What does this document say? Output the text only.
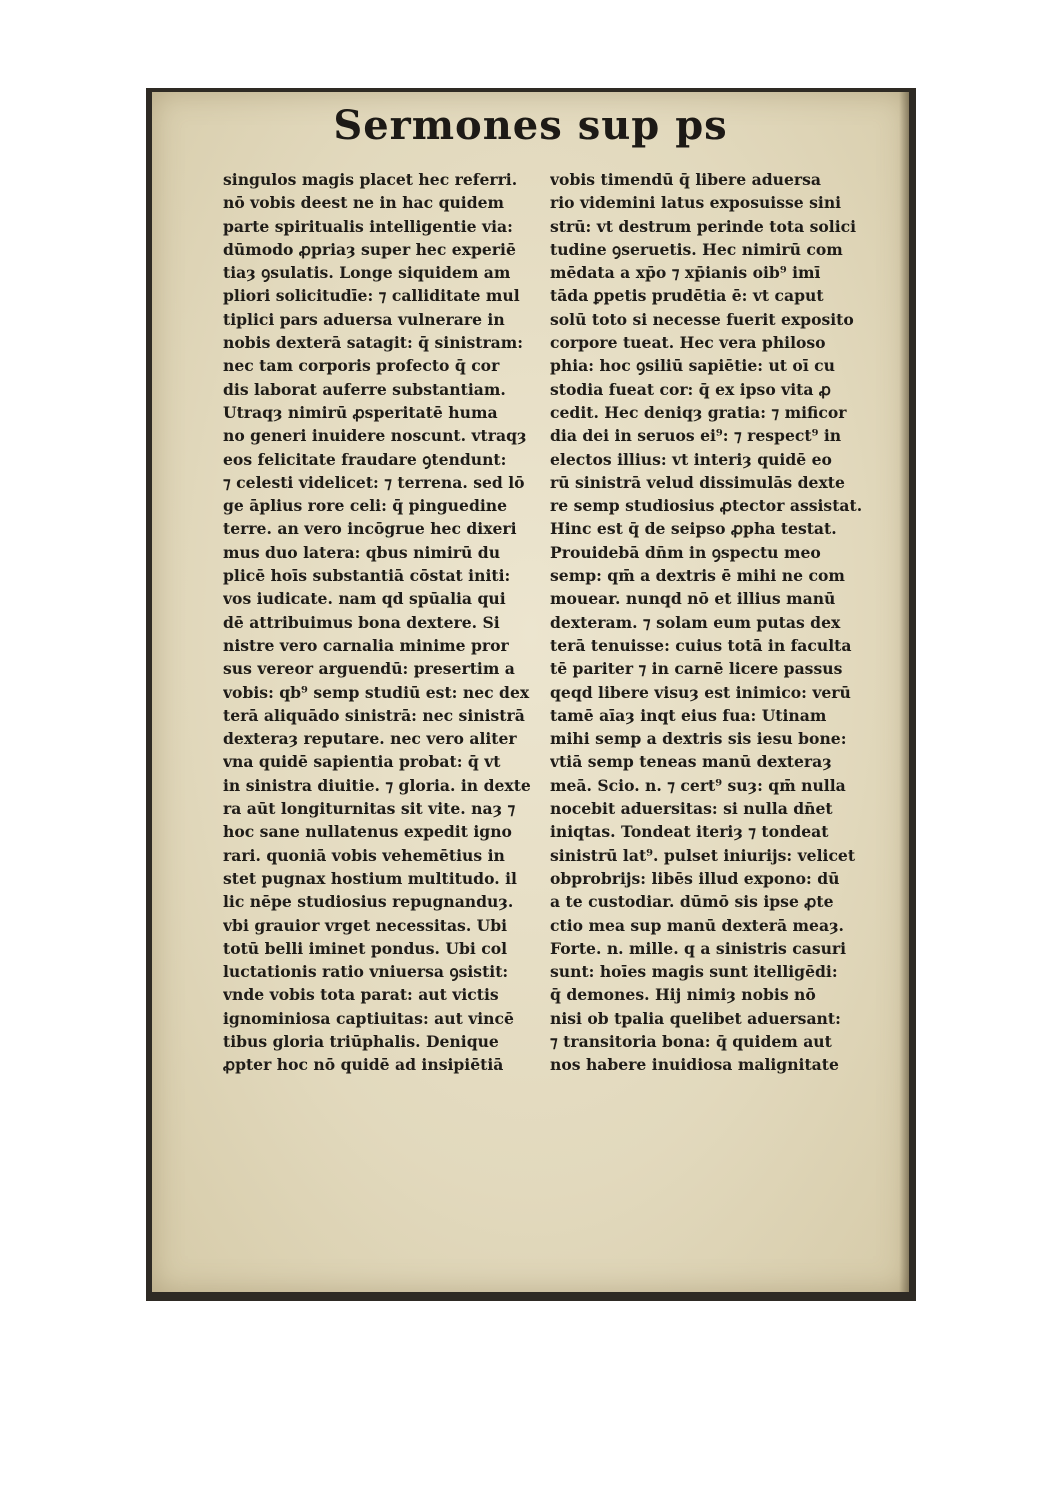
Sermones sup ps
singulos magis placet hec referri.
nō vobis deest ne in hac quidem
parte spiritualis intelligentie via:
dūmodo ꝓpriaȝ super hec experiē
tiaȝ ꝯsulatis. Longe siquidem am
pliori solicitudīe: ⁊ calliditate mul
tiplici pars aduersa vulnerare in
nobis dexterā satagit: q̄ sinistram:
nec tam corporis profecto q̄ cor
dis laborat auferre substantiam.
Utraqȝ nimirū ꝓsperitatē huma
no generi inuidere noscunt. vtraqȝ
eos felicitate fraudare ꝯtendunt:
⁊ celesti videlicet: ⁊ terrena. sed lō
ge āplius rore celi: q̄ pinguedine
terre. an vero incōgrue hec dixeri
mus duo latera: qbus nimirū du
plicē hoīs substantiā cōstat initi:
vos iudicate. nam qd spūalia qui
dē attribuimus bona dextere. Si
nistre vero carnalia minime pror
sus vereor arguendū: presertim a
vobis: qb⁹ semp studiū est: nec dex
terā aliquādo sinistrā: nec sinistrā
dexteraȝ reputare. nec vero aliter
vna quidē sapientia probat: q̄ vt
in sinistra diuitie. ⁊ gloria. in dexte
ra aūt longiturnitas sit vite. naȝ ⁊
hoc sane nullatenus expedit igno
rari. quoniā vobis vehemētius in
stet pugnax hostium multitudo. il
lic nēpe studiosius repugnanduȝ.
vbi grauior vrget necessitas. Ubi
totū belli iminet pondus. Ubi col
luctationis ratio vniuersa ꝯsistit:
vnde vobis tota parat: aut victis
ignominiosa captiuitas: aut vincē
tibus gloria triūphalis. Denique
ꝓpter hoc nō quidē ad insipiētiā
vobis timendū q̄ libere aduersa
rio videmini latus exposuisse sini
strū: vt destrum perinde tota solici
tudine ꝯseruetis. Hec nimirū com
mēdata a xp̄o ⁊ xp̄ianis oib⁹ imī
tāda ꝑpetis prudētia ē: vt caput
solū toto si necesse fuerit exposito
corpore tueat. Hec vera philoso
phia: hoc ꝯsiliū sapiētie: ut oī cu
stodia fueat cor: q̄ ex ipso vita ꝓ
cedit. Hec deniqȝ gratia: ⁊ mificor
dia dei in seruos ei⁹: ⁊ respect⁹ in
electos illius: vt interiȝ quidē eo
rū sinistrā velud dissimulās dexte
re semp studiosius ꝓtector assistat.
Hinc est q̄ de seipso ꝓpha testat.
Prouidebā dn̄m in ꝯspectu meo
semp: qm̄ a dextris ē mihi ne com
mouear. nunqd nō et illius manū
dexteram. ⁊ solam eum putas dex
terā tenuisse: cuius totā in faculta
tē pariter ⁊ in carnē licere passus
qeqd libere visuȝ est inimico: verū
tamē aīaȝ inqt eius fua: Utinam
mihi semp a dextris sis iesu bone:
vtiā semp teneas manū dexteraȝ
meā. Scio. n. ⁊ cert⁹ suȝ: qm̄ nulla
nocebit aduersitas: si nulla dn̄et
iniqtas. Tondeat iteriȝ ⁊ tondeat
sinistrū lat⁹. pulset iniurijs: velicet
obprobrijs: libēs illud expono: dū
a te custodiar. dūmō sis ipse ꝓte
ctio mea sup manū dexterā meaȝ.
Forte. n. mille. q a sinistris casuri
sunt: hoīes magis sunt itelligēdi:
q̄ demones. Hij nimiȝ nobis nō
nisi ob tpalia quelibet aduersant:
⁊ transitoria bona: q̄ quidem aut
nos habere inuidiosa malignitate
